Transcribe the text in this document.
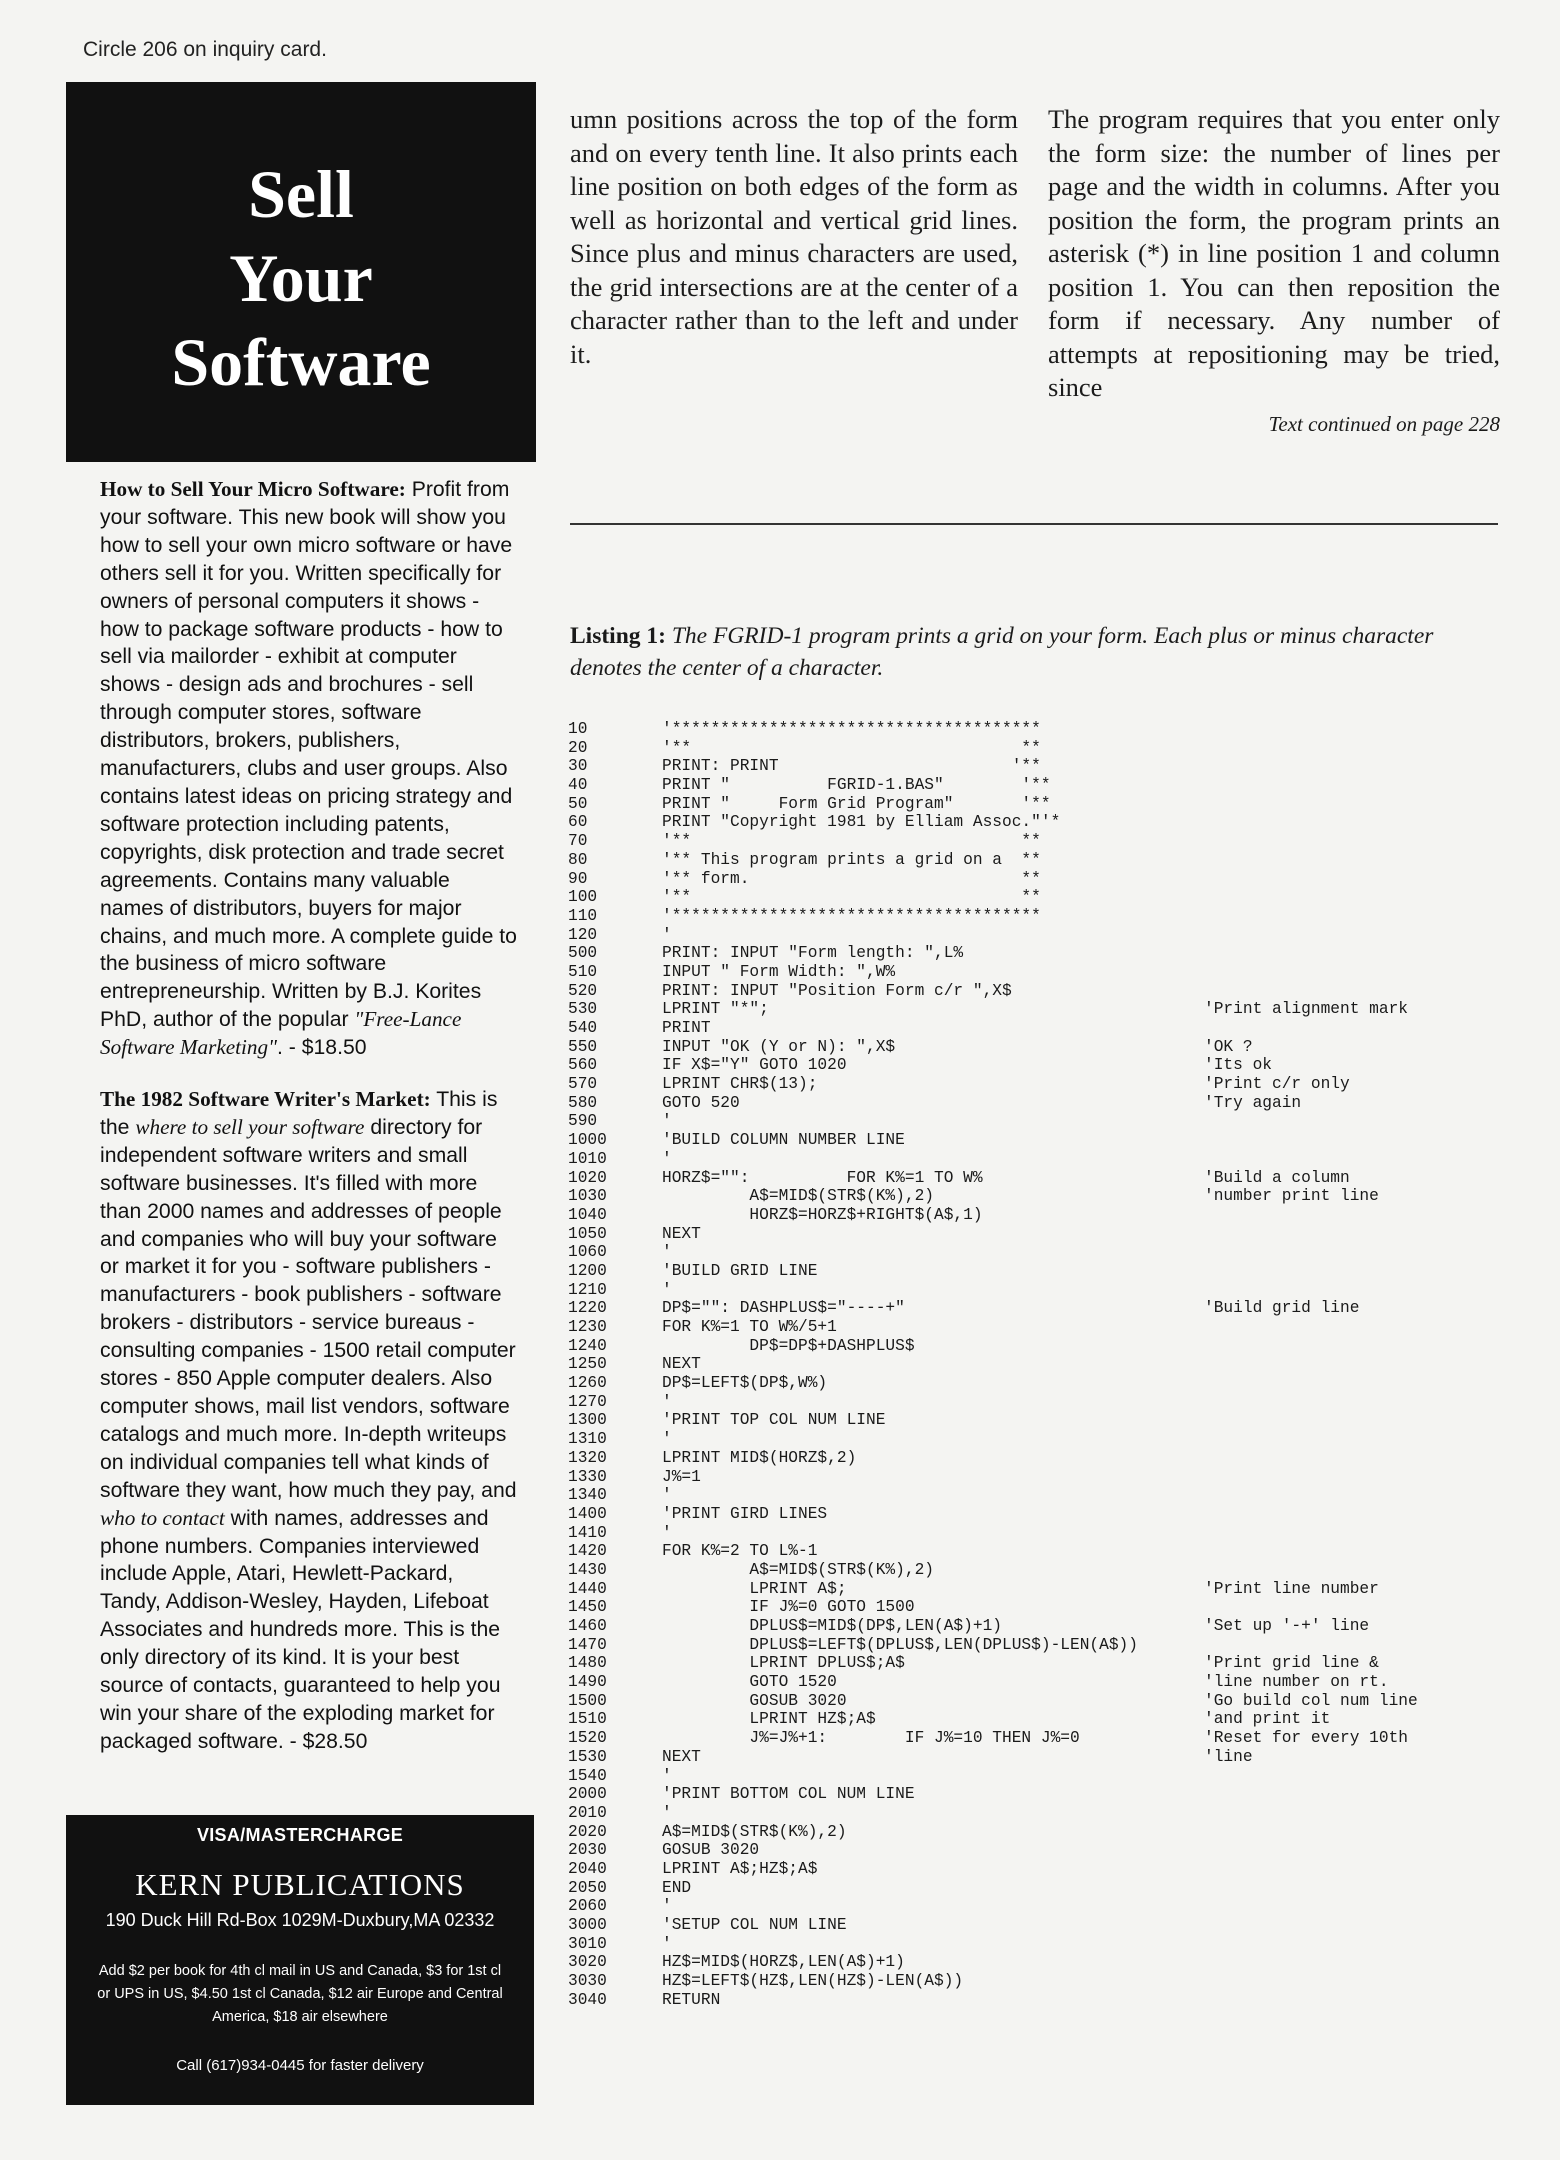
Circle 206 on inquiry card.
Sell
Your
Software

How to Sell Your Micro Software: Profit from your software. This new book will show you how to sell your own micro software or have others sell it for you. Written specifically for owners of personal computers it shows -how to package software products - how to sell via mailorder - exhibit at computer shows - design ads and brochures - sell through computer stores, software distributors, brokers, publishers, manufacturers, clubs and user groups. Also contains latest ideas on pricing strategy and software protection including patents, copyrights, disk protection and trade secret agreements. Contains many valuable names of distributors, buyers for major chains, and much more. A complete guide to the business of micro software entrepreneurship. Written by B.J. Korites PhD, author of the popular "Free-Lance Software Marketing". - $18.50

The 1982 Software Writer's Market: This is the where to sell your software directory for independent software writers and small software businesses. It's filled with more than 2000 names and addresses of people and companies who will buy your software or market it for you - software publishers - manufacturers - book publishers - software brokers - distributors - service bureaus - consulting companies - 1500 retail computer stores - 850 Apple computer dealers. Also computer shows, mail list vendors, software catalogs and much more. In-depth writeups on individual companies tell what kinds of software they want, how much they pay, and who to contact with names, addresses and phone numbers. Companies interviewed include Apple, Atari, Hewlett-Packard, Tandy, Addison-Wesley, Hayden, Lifeboat Associates and hundreds more. This is the only directory of its kind. It is your best source of contacts, guaranteed to help you win your share of the exploding market for packaged software. - $28.50

VISA/MASTERCHARGE
KERN PUBLICATIONS
190 Duck Hill Rd-Box 1029M-Duxbury,MA 02332
Add $2 per book for 4th cl mail in US and Canada, $3 for 1st cl or UPS in US, $4.50 1st cl Canada, $12 air Europe and Central America, $18 air elsewhere
Call (617)934-0445 for faster delivery
umn positions across the top of the form and on every tenth line. It also prints each line position on both edges of the form as well as horizontal and vertical grid lines. Since plus and minus characters are used, the grid intersections are at the center of a character rather than to the left and under it.
The program requires that you enter only the form size: the number of lines per page and the width in columns. After you position the form, the program prints an asterisk (*) in line position 1 and column position 1. You can then reposition the form if necessary. Any number of attempts at repositioning may be tried, since
Text continued on page 228
Listing 1: The FGRID-1 program prints a grid on your form. Each plus or minus character denotes the center of a character.
10	'**************************************
20	'**                                  **
30	PRINT: PRINT                        '**
40	PRINT "          FGRID-1.BAS"        '**
50	PRINT "     Form Grid Program"       '**
60	PRINT "Copyright 1981 by Elliam Assoc."'*
70	'**                                  **
80	'** This program prints a grid on a  **
90	'** form.                            **
100	'**                                  **
110	'**************************************
120	'
500	PRINT: INPUT "Form length: ",L%
510	INPUT " Form Width: ",W%
520	PRINT: INPUT "Position Form c/r ",X$
530	LPRINT "*";	'Print alignment mark
540	PRINT
550	INPUT "OK (Y or N): ",X$	'OK ?
560	IF X$="Y" GOTO 1020	'Its ok
570	LPRINT CHR$(13);	'Print c/r only
580	GOTO 520	'Try again
590	'
1000	'BUILD COLUMN NUMBER LINE
1010	'
1020	HORZ$="":          FOR K%=1 TO W%	'Build a column
1030	A$=MID$(STR$(K%),2)	'number print line
1040	HORZ$=HORZ$+RIGHT$(A$,1)
1050	NEXT
1060	'
1200	'BUILD GRID LINE
1210	'
1220	DP$="": DASHPLUS$="----+"	'Build grid line
1230	FOR K%=1 TO W%/5+1
1240	DP$=DP$+DASHPLUS$
1250	NEXT
1260	DP$=LEFT$(DP$,W%)
1270	'
1300	'PRINT TOP COL NUM LINE
1310	'
1320	LPRINT MID$(HORZ$,2)
1330	J%=1
1340	'
1400	'PRINT GIRD LINES
1410	'
1420	FOR K%=2 TO L%-1
1430	A$=MID$(STR$(K%),2)
1440	LPRINT A$;	'Print line number
1450	IF J%=0 GOTO 1500
1460	DPLUS$=MID$(DP$,LEN(A$)+1)	'Set up '-+' line
1470	DPLUS$=LEFT$(DPLUS$,LEN(DPLUS$)-LEN(A$))
1480	LPRINT DPLUS$;A$	'Print grid line &
1490	GOTO 1520	'line number on rt.
1500	GOSUB 3020	'Go build col num line
1510	LPRINT HZ$;A$	'and print it
1520	J%=J%+1:        IF J%=10 THEN J%=0	'Reset for every 10th
1530	NEXT	'line
1540	'
2000	'PRINT BOTTOM COL NUM LINE
2010	'
2020	A$=MID$(STR$(K%),2)
2030	GOSUB 3020
2040	LPRINT A$;HZ$;A$
2050	END
2060	'
3000	'SETUP COL NUM LINE
3010	'
3020	HZ$=MID$(HORZ$,LEN(A$)+1)
3030	HZ$=LEFT$(HZ$,LEN(HZ$)-LEN(A$))
3040	RETURN
